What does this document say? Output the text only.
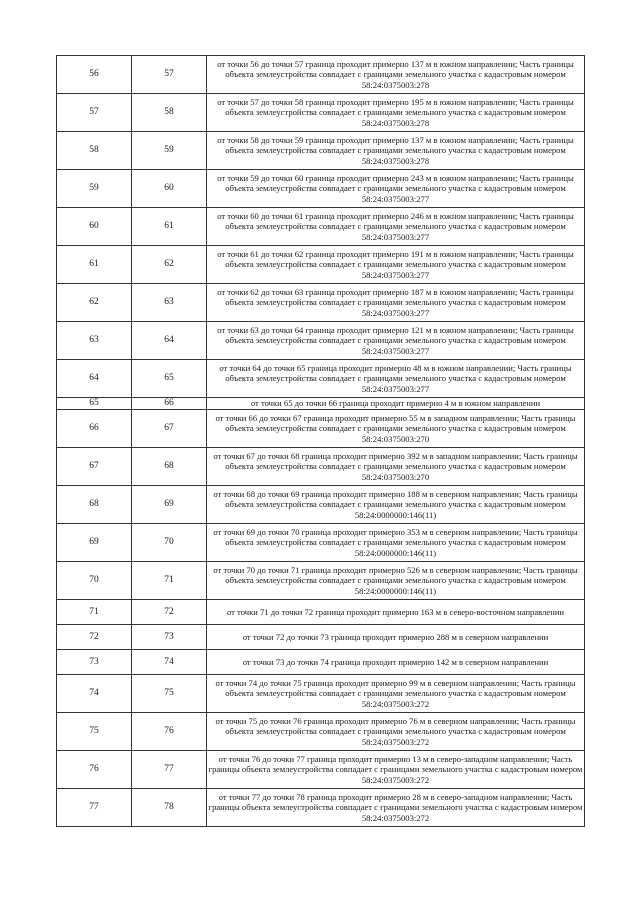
56	57	от точки 56 до точки 57 граница проходит примерно 137 м в южном направлении; Часть границы объекта землеустройства совпадает с границами земельного участка с кадастровым номером 58:24:0375003:278
57	58	от точки 57 до точки 58 граница проходит примерно 195 м в южном направлении; Часть границы объекта землеустройства совпадает с границами земельного участка с кадастровым номером 58:24:0375003:278
58	59	от точки 58 до точки 59 граница проходит примерно 137 м в южном направлении; Часть границы объекта землеустройства совпадает с границами земельного участка с кадастровым номером 58:24:0375003:278
59	60	от точки 59 до точки 60 граница проходит примерно 243 м в южном направлении; Часть границы объекта землеустройства совпадает с границами земельного участка с кадастровым номером 58:24:0375003:277
60	61	от точки 60 до точки 61 граница проходит примерно 246 м в южном направлении; Часть границы объекта землеустройства совпадает с границами земельного участка с кадастровым номером 58:24:0375003:277
61	62	от точки 61 до точки 62 граница проходит примерно 191 м в южном направлении; Часть границы объекта землеустройства совпадает с границами земельного участка с кадастровым номером 58:24:0375003:277
62	63	от точки 62 до точки 63 граница проходит примерно 187 м в южном направлении; Часть границы объекта землеустройства совпадает с границами земельного участка с кадастровым номером 58:24:0375003:277
63	64	от точки 63 до точки 64 граница проходит примерно 121 м в южном направлении; Часть границы объекта землеустройства совпадает с границами земельного участка с кадастровым номером 58:24:0375003:277
64	65	от точки 64 до точки 65 граница проходит примерно 48 м в южном направлении; Часть границы объекта землеустройства совпадает с границами земельного участка с кадастровым номером 58:24:0375003:277
65	66	от точки 65 до точки 66 граница проходит примерно 4 м в южном направлении
66	67	от точки 66 до точки 67 граница проходит примерно 55 м в западном направлении; Часть границы объекта землеустройства совпадает с границами земельного участка с кадастровым номером 58:24:0375003:270
67	68	от точки 67 до точки 68 граница проходит примерно 392 м в западном направлении; Часть границы объекта землеустройства совпадает с границами земельного участка с кадастровым номером 58:24:0375003:270
68	69	от точки 68 до точки 69 граница проходит примерно 188 м в северном направлении; Часть границы объекта землеустройства совпадает с границами земельного участка с кадастровым номером 58:24:0000000:146(11)
69	70	от точки 69 до точки 70 граница проходит примерно 353 м в северном направлении; Часть границы объекта землеустройства совпадает с границами земельного участка с кадастровым номером 58:24:0000000:146(11)
70	71	от точки 70 до точки 71 граница проходит примерно 526 м в северном направлении; Часть границы объекта землеустройства совпадает с границами земельного участка с кадастровым номером 58:24:0000000:146(11)
71	72	от точки 71 до точки 72 граница проходит примерно 163 м в северо-восточном направлении
72	73	от точки 72 до точки 73 граница проходит примерно 288 м в северном направлении
73	74	от точки 73 до точки 74 граница проходит примерно 142 м в северном направлении
74	75	от точки 74 до точки 75 граница проходит примерно 99 м в северном направлении; Часть границы объекта землеустройства совпадает с границами земельного участка с кадастровым номером 58:24:0375003:272
75	76	от точки 75 до точки 76 граница проходит примерно 76 м в северном направлении; Часть границы объекта землеустройства совпадает с границами земельного участка с кадастровым номером 58:24:0375003:272
76	77	от точки 76 до точки 77 граница проходит примерно 13 м в северо-западном направлении; Часть границы объекта землеустройства совпадает с границами земельного участка с кадастровым номером 58:24:0375003:272
77	78	от точки 77 до точки 78 граница проходит примерно 28 м в северо-западном направлении; Часть границы объекта землеустройства совпадает с границами земельного участка с кадастровым номером 58:24:0375003:272
